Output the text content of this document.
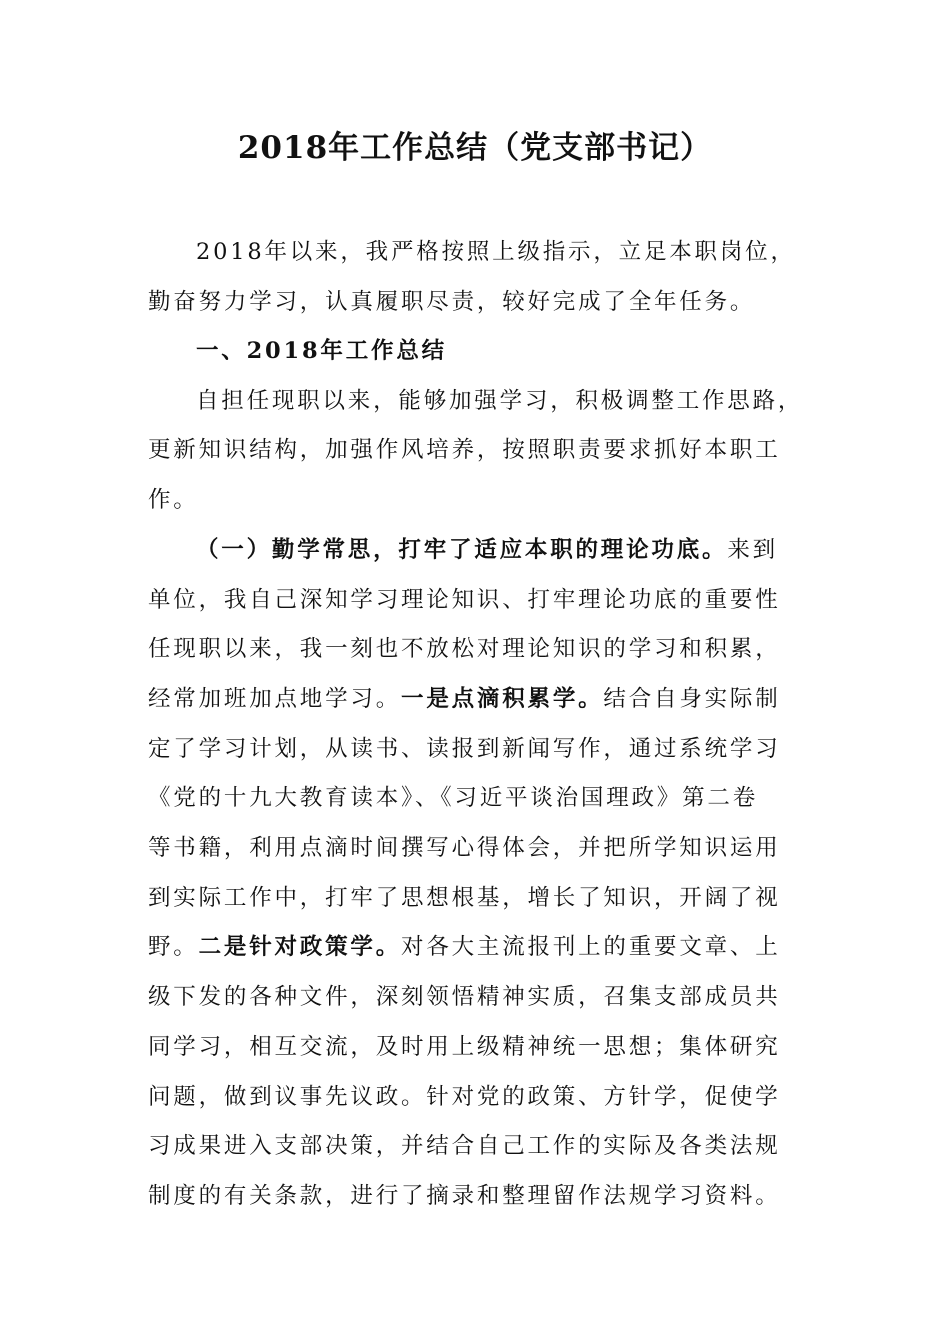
2018年工作总结（党支部书记）
2018年以来，我严格按照上级指示，立足本职岗位，
勤奋努力学习，认真履职尽责，较好完成了全年任务。
一、2018年工作总结
自担任现职以来，能够加强学习，积极调整工作思路，
更新知识结构，加强作风培养，按照职责要求抓好本职工
作。
（一）勤学常思，打牢了适应本职的理论功底。来到
单位，我自己深知学习理论知识、打牢理论功底的重要性
任现职以来，我一刻也不放松对理论知识的学习和积累，
经常加班加点地学习。一是点滴积累学。结合自身实际制
定了学习计划，从读书、读报到新闻写作，通过系统学习
《党的十九大教育读本》、《习近平谈治国理政》第二卷
等书籍，利用点滴时间撰写心得体会，并把所学知识运用
到实际工作中，打牢了思想根基，增长了知识，开阔了视
野。二是针对政策学。对各大主流报刊上的重要文章、上
级下发的各种文件，深刻领悟精神实质，召集支部成员共
同学习，相互交流，及时用上级精神统一思想；集体研究
问题，做到议事先议政。针对党的政策、方针学，促使学
习成果进入支部决策，并结合自己工作的实际及各类法规
制度的有关条款，进行了摘录和整理留作法规学习资料。
